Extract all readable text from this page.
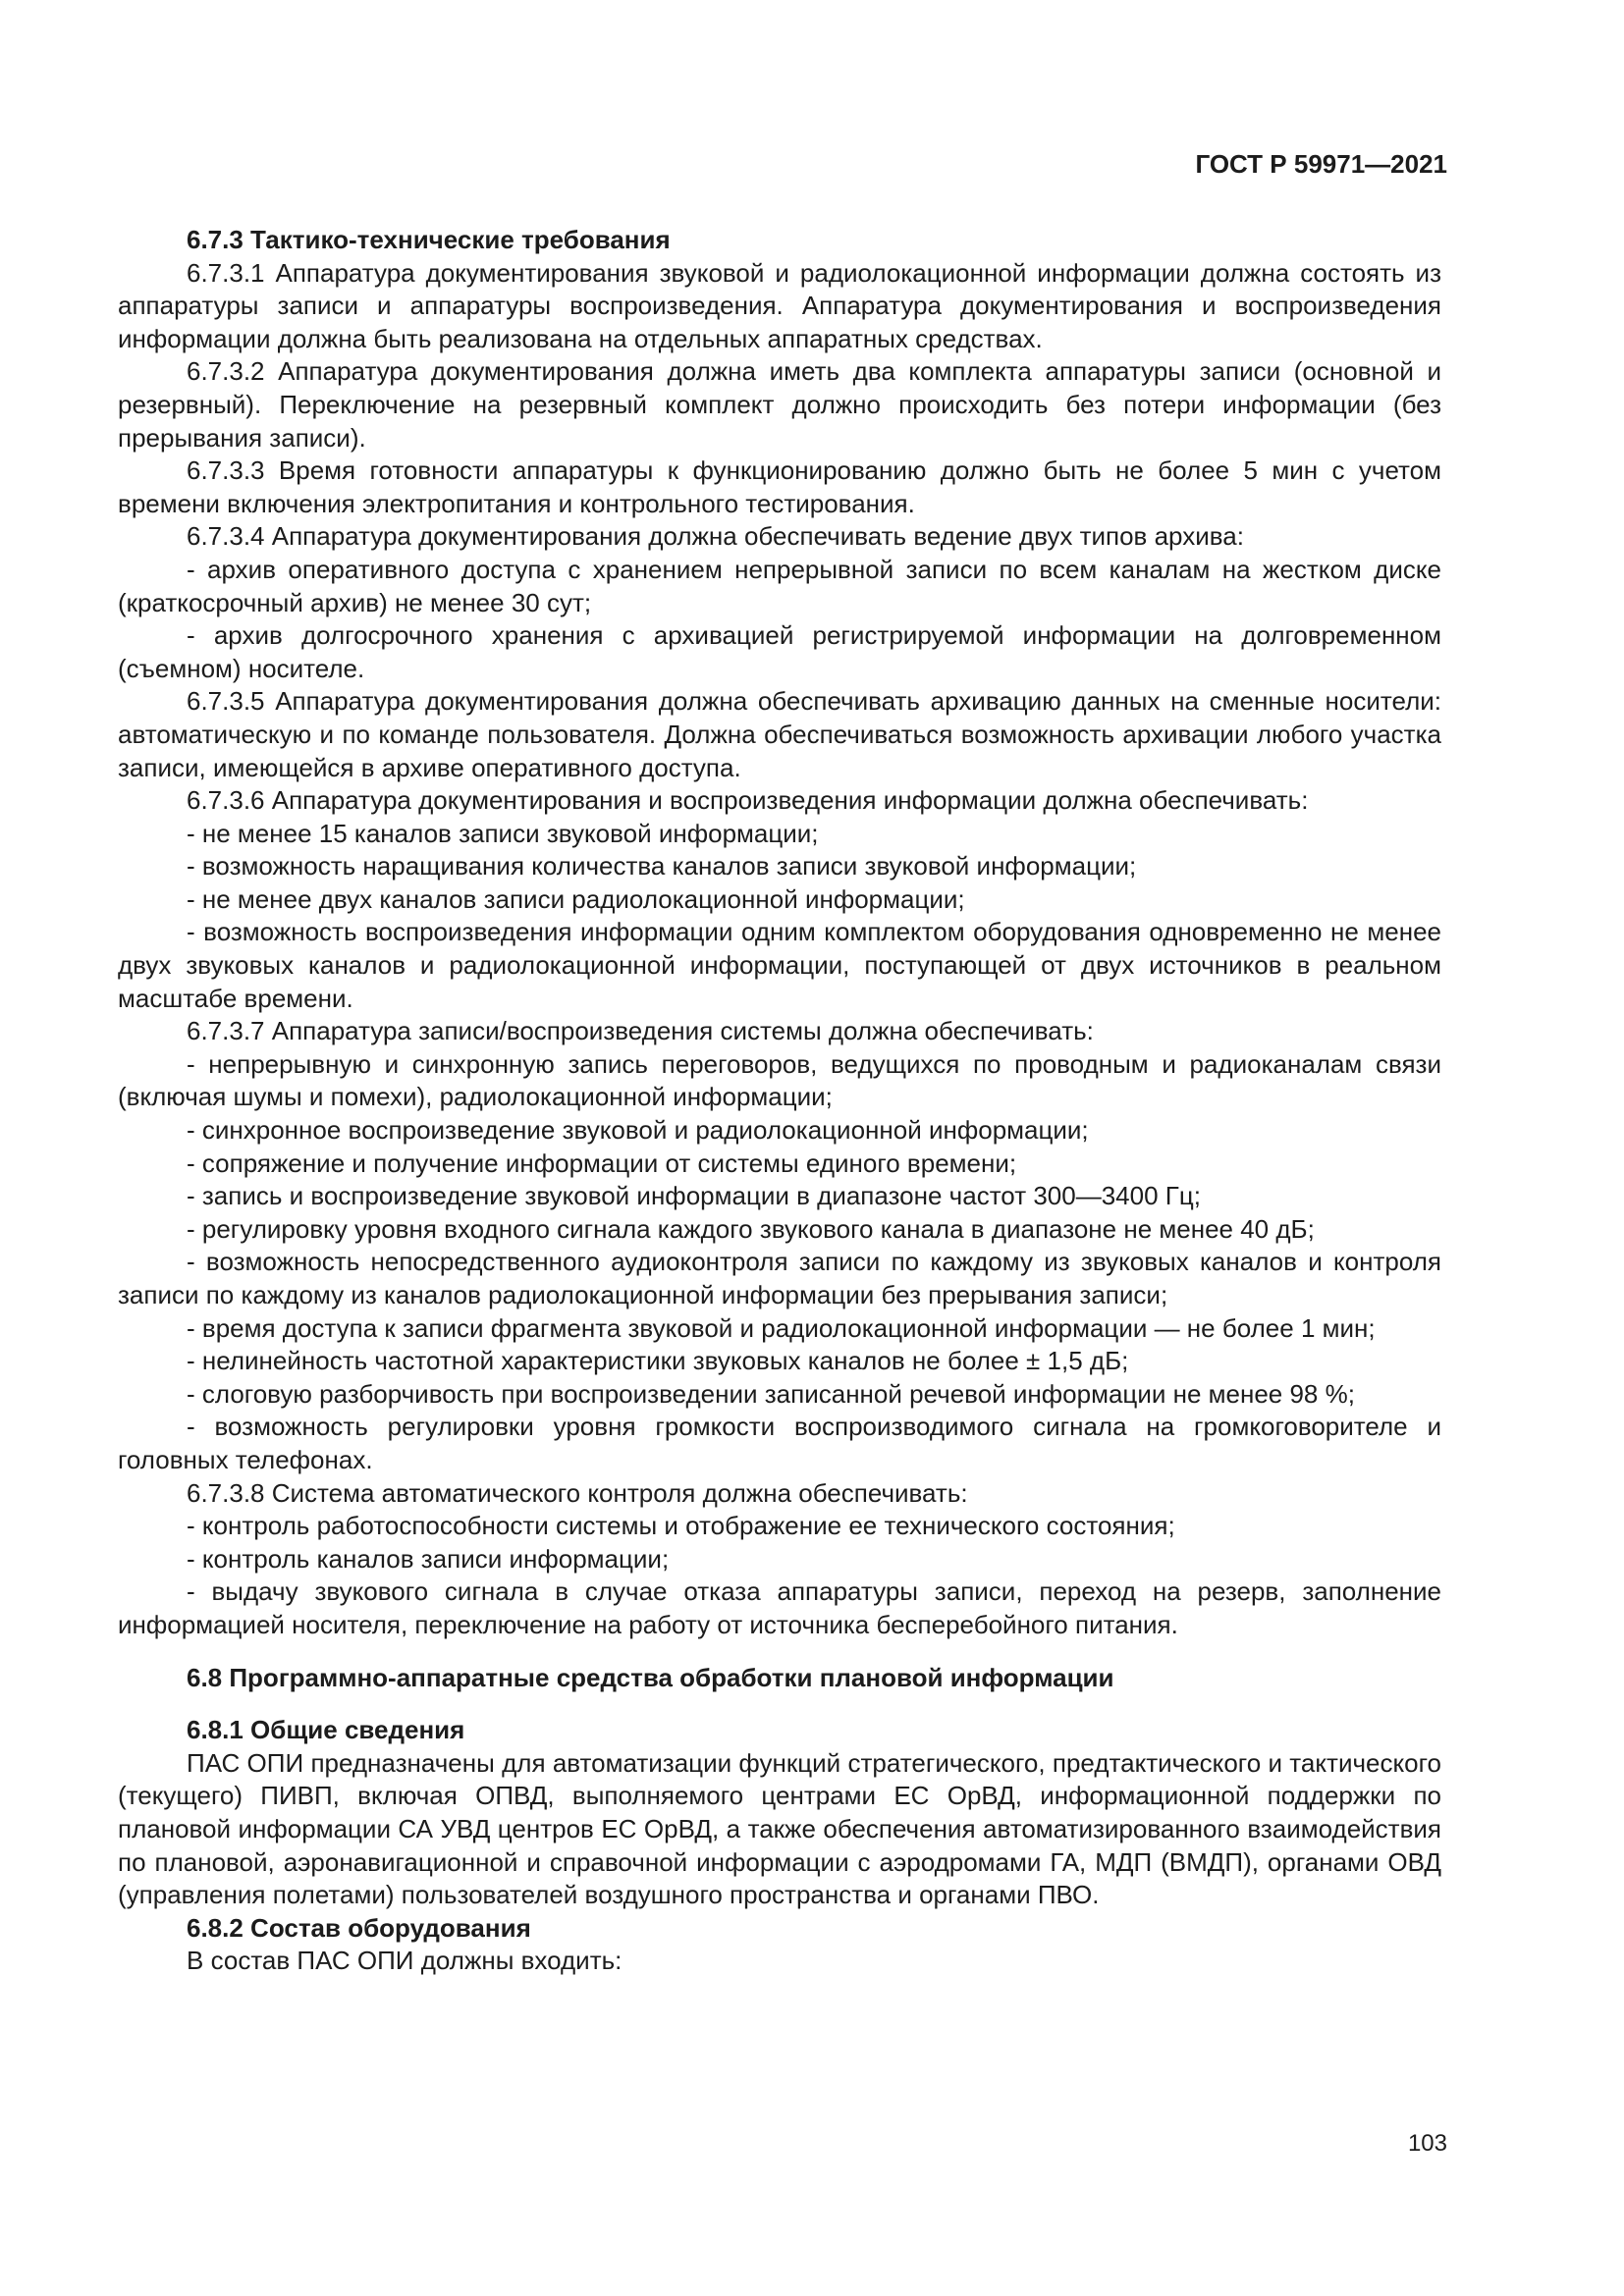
ГОСТ Р 59971—2021

6.7.3 Тактико-технические требования

6.7.3.1 Аппаратура документирования звуковой и радиолокационной информации должна состоять из аппаратуры записи и аппаратуры воспроизведения. Аппаратура документирования и воспроизведения информации должна быть реализована на отдельных аппаратных средствах.

6.7.3.2 Аппаратура документирования должна иметь два комплекта аппаратуры записи (основной и резервный). Переключение на резервный комплект должно происходить без потери информации (без прерывания записи).

6.7.3.3 Время готовности аппаратуры к функционированию должно быть не более 5 мин с учетом времени включения электропитания и контрольного тестирования.

6.7.3.4 Аппаратура документирования должна обеспечивать ведение двух типов архива:

- архив оперативного доступа с хранением непрерывной записи по всем каналам на жестком диске (краткосрочный архив) не менее 30 сут;

- архив долгосрочного хранения с архивацией регистрируемой информации на долговременном (съемном) носителе.

6.7.3.5 Аппаратура документирования должна обеспечивать архивацию данных на сменные носители: автоматическую и по команде пользователя. Должна обеспечиваться возможность архивации любого участка записи, имеющейся в архиве оперативного доступа.

6.7.3.6 Аппаратура документирования и воспроизведения информации должна обеспечивать:

- не менее 15 каналов записи звуковой информации;

- возможность наращивания количества каналов записи звуковой информации;

- не менее двух каналов записи радиолокационной информации;

- возможность воспроизведения информации одним комплектом оборудования одновременно не менее двух звуковых каналов и радиолокационной информации, поступающей от двух источников в реальном масштабе времени.

6.7.3.7 Аппаратура записи/воспроизведения системы должна обеспечивать:

- непрерывную и синхронную запись переговоров, ведущихся по проводным и радиоканалам связи (включая шумы и помехи), радиолокационной информации;

- синхронное воспроизведение звуковой и радиолокационной информации;

- сопряжение и получение информации от системы единого времени;

- запись и воспроизведение звуковой информации в диапазоне частот 300—3400 Гц;

- регулировку уровня входного сигнала каждого звукового канала в диапазоне не менее 40 дБ;

- возможность непосредственного аудиоконтроля записи по каждому из звуковых каналов и контроля записи по каждому из каналов радиолокационной информации без прерывания записи;

- время доступа к записи фрагмента звуковой и радиолокационной информации — не более 1 мин;

- нелинейность частотной характеристики звуковых каналов не более ± 1,5 дБ;

- слоговую разборчивость при воспроизведении записанной речевой информации не менее 98 %;

- возможность регулировки уровня громкости воспроизводимого сигнала на громкоговорителе и головных телефонах.

6.7.3.8 Система автоматического контроля должна обеспечивать:

- контроль работоспособности системы и отображение ее технического состояния;

- контроль каналов записи информации;

- выдачу звукового сигнала в случае отказа аппаратуры записи, переход на резерв, заполнение информацией носителя, переключение на работу от источника бесперебойного питания.

6.8 Программно-аппаратные средства обработки плановой информации

6.8.1 Общие сведения

ПАС ОПИ предназначены для автоматизации функций стратегического, предтактического и тактического (текущего) ПИВП, включая ОПВД, выполняемого центрами ЕС ОрВД, информационной поддержки по плановой информации СА УВД центров ЕС ОрВД, а также обеспечения автоматизированного взаимодействия по плановой, аэронавигационной и справочной информации с аэродромами ГА, МДП (ВМДП), органами ОВД (управления полетами) пользователей воздушного пространства и органами ПВО.

6.8.2 Состав оборудования

В состав ПАС ОПИ должны входить:

103
